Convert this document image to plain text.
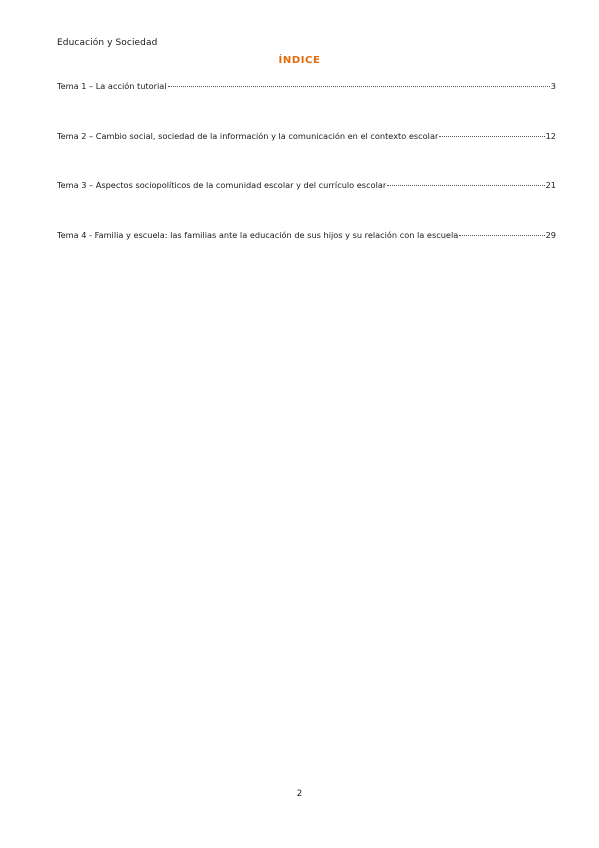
Educación y Sociedad
ÍNDICE
Tema 1 – La acción tutorial	3
Tema 2 – Cambio social, sociedad de la información y la comunicación en el contexto escolar	12
Tema 3 – Aspectos sociopolíticos de la comunidad escolar y del currículo escolar	21
Tema 4 - Familia y escuela: las familias ante la educación de sus hijos y su relación con la escuela	29
2
